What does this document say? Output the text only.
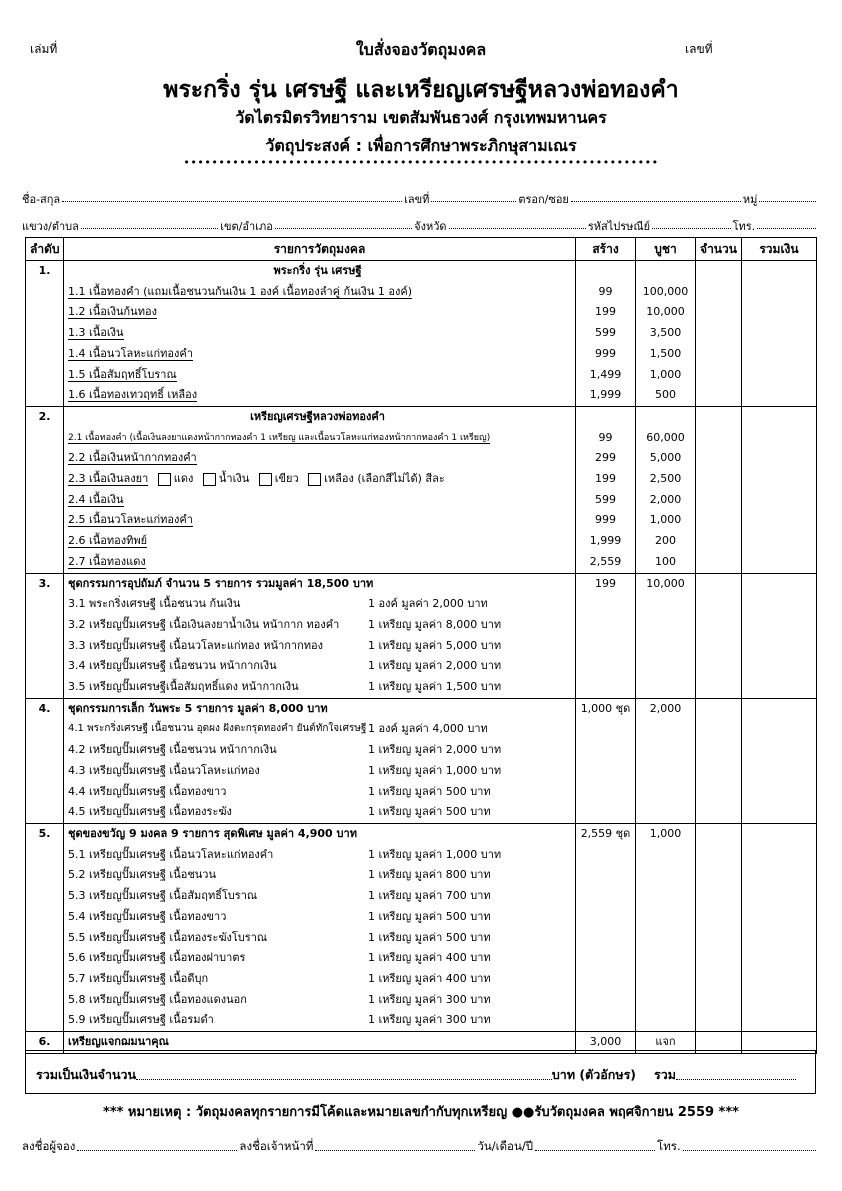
เล่มที่	เลขที่
ใบสั่งจองวัตถุมงคล
พระกริ่ง รุ่น เศรษฐี และเหรียญเศรษฐีหลวงพ่อทองคำ
วัดไตรมิตรวิทยาราม เขตสัมพันธวงศ์ กรุงเทพมหานคร
วัตถุประสงค์ : เพื่อการศึกษาพระภิกษุสามเณร
••••••••••••••••••••••••••••••••••••••••••••••••••••••••••••••••••••
ชื่อ-สกุล	เลขที่	ตรอก/ซอย	หมู่
แขวง/ตำบล	เขต/อำเภอ	จังหวัด	รหัสไปรษณีย์	โทร.
ลำดับ	รายการวัตถุมงคล	สร้าง	บูชา	จำนวน	รวมเงิน
1.	พระกริ่ง รุ่น เศรษฐี				
	1.1 เนื้อทองคำ (แถมเนื้อชนวนก้นเงิน 1 องค์ เนื้อทองลำคู่ ก้นเงิน 1 องค์)	99	100,000		
	1.2 เนื้อเงินก้นทอง	199	10,000		
	1.3 เนื้อเงิน	599	3,500		
	1.4 เนื้อนวโลหะแก่ทองคำ	999	1,500		
	1.5 เนื้อสัมฤทธิ์โบราณ	1,499	1,000		
	1.6 เนื้อทองเทวฤทธิ์ เหลือง	1,999	500		
2.	เหรียญเศรษฐีหลวงพ่อทองคำ				
	2.1 เนื้อทองคำ (เนื้อเงินลงยาแดงหน้ากากทองคำ 1 เหรียญ และเนื้อนวโลหะแก่ทองหน้ากากทองคำ 1 เหรียญ)	99	60,000		
	2.2 เนื้อเงินหน้ากากทองคำ	299	5,000		
	2.3 เนื้อเงินลงยา แดง น้ำเงิน เขียว เหลือง (เลือกสีไม่ได้) สีละ	199	2,500		
	2.4 เนื้อเงิน	599	2,000		
	2.5 เนื้อนวโลหะแก่ทองคำ	999	1,000		
	2.6 เนื้อทองทิพย์	1,999	200		
	2.7 เนื้อทองแดง	2,559	100		
3.	ชุดกรรมการอุปถัมภ์ จำนวน 5 รายการ รวมมูลค่า 18,500 บาท	199	10,000		

	3.1 พระกริ่งเศรษฐี เนื้อชนวน ก้นเงิน 1 องค์ มูลค่า 2,000 บาท				

	3.2 เหรียญปั๊มเศรษฐี เนื้อเงินลงยาน้ำเงิน หน้ากาก ทองคำ 1 เหรียญ มูลค่า 8,000 บาท				

	3.3 เหรียญปั๊มเศรษฐี เนื้อนวโลหะแก่ทอง หน้ากากทอง 1 เหรียญ มูลค่า 5,000 บาท				

	3.4 เหรียญปั๊มเศรษฐี เนื้อชนวน หน้ากากเงิน 1 เหรียญ มูลค่า 2,000 บาท				

	3.5 เหรียญปั๊มเศรษฐีเนื้อสัมฤทธิ์แดง หน้ากากเงิน 1 เหรียญ มูลค่า 1,500 บาท				

4.	ชุดกรรมการเล็ก วันพระ 5 รายการ มูลค่า 8,000 บาท	1,000 ชุด	2,000		

	4.1 พระกริ่งเศรษฐี เนื้อชนวน อุดผง ฝังตะกรุดทองคำ ยันต์ทักใจเศรษฐี 1 องค์ มูลค่า 4,000 บาท				

	4.2 เหรียญปั๊มเศรษฐี เนื้อชนวน หน้ากากเงิน 1 เหรียญ มูลค่า 2,000 บาท				

	4.3 เหรียญปั๊มเศรษฐี เนื้อนวโลหะแก่ทอง 1 เหรียญ มูลค่า 1,000 บาท				

	4.4 เหรียญปั๊มเศรษฐี เนื้อทองขาว 1 เหรียญ มูลค่า 500 บาท				

	4.5 เหรียญปั๊มเศรษฐี เนื้อทองระฆัง 1 เหรียญ มูลค่า 500 บาท				

5.	ชุดของขวัญ 9 มงคล 9 รายการ สุดพิเศษ มูลค่า 4,900 บาท	2,559 ชุด	1,000		

	5.1 เหรียญปั๊มเศรษฐี เนื้อนวโลหะแก่ทองคำ 1 เหรียญ มูลค่า 1,000 บาท				

	5.2 เหรียญปั๊มเศรษฐี เนื้อชนวน 1 เหรียญ มูลค่า 800 บาท				

	5.3 เหรียญปั๊มเศรษฐี เนื้อสัมฤทธิ์โบราณ 1 เหรียญ มูลค่า 700 บาท				

	5.4 เหรียญปั๊มเศรษฐี เนื้อทองขาว 1 เหรียญ มูลค่า 500 บาท				

	5.5 เหรียญปั๊มเศรษฐี เนื้อทองระฆังโบราณ 1 เหรียญ มูลค่า 500 บาท				

	5.6 เหรียญปั๊มเศรษฐี เนื้อทองฝาบาตร 1 เหรียญ มูลค่า 400 บาท				

	5.7 เหรียญปั๊มเศรษฐี เนื้อดีบุก 1 เหรียญ มูลค่า 400 บาท				

	5.8 เหรียญปั๊มเศรษฐี เนื้อทองแดงนอก 1 เหรียญ มูลค่า 300 บาท				

	5.9 เหรียญปั๊มเศรษฐี เนื้อรมดำ 1 เหรียญ มูลค่า 300 บาท				

6.	เหรียญแจกฌมนาคุณ	3,000	แจก		
รวมเป็นเงินจำนวน	บาท (ตัวอักษร) รวม
*** หมายเหตุ : วัตถุมงคลทุกรายการมีโค้ดและหมายเลขกำกับทุกเหรียญ ●●รับวัตถุมงคล พฤศจิกายน 2559 ***
ลงชื่อผู้จอง	ลงชื่อเจ้าหน้าที่	วัน/เดือน/ปี	โทร.
